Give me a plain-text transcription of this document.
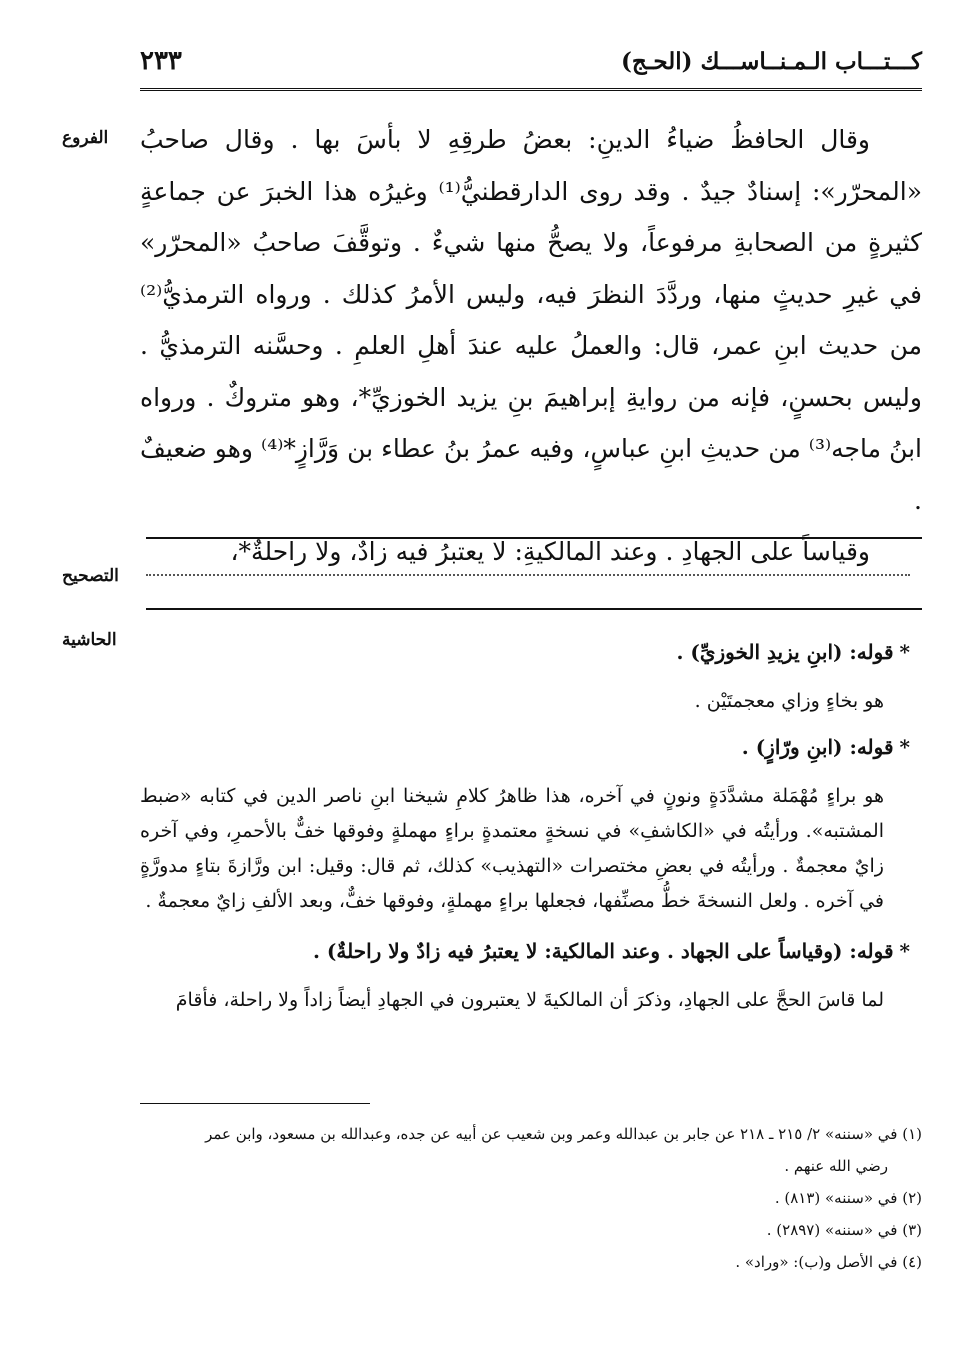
كـــتـــاب الـمـنــاســـك (الحـج)
٢٣٣
الفروع	وقال الحافظُ ضياءُ الدينِ: بعضُ طرقِهِ لا بأسَ بها . وقال صاحبُ «المحرّر»: إسنادٌ جيدٌ . وقد روى الدارقطنيُّ⁽¹⁾ وغيرُه هذا الخبرَ عن جماعةٍ كثيرةٍ من الصحابةِ مرفوعاً، ولا يصحُّ منها شيءٌ . وتوقَّفَ صاحبُ «المحرّر» في غيرِ حديثٍ منها، وردَّدَ النظرَ فيه، وليس الأمرُ كذلك . ورواه الترمذيُّ⁽²⁾ من حديث ابنِ عمر، قال: والعملُ عليه عندَ أهلِ العلمِ . وحسَّنه الترمذيُّ . وليس بحسنٍ، فإنه من روايةِ إبراهيمَ بنِ يزيد الخوزيِّ*، وهو متروكٌ . ورواه ابنُ ماجه⁽³⁾ من حديثِ ابنِ عباسٍ، وفيه عمرُ بنُ عطاء بن وَرَّازٍ*⁽⁴⁾ وهو ضعيفٌ .

وقياساً على الجهادِ . وعند المالكيةِ: لا يعتبرُ فيه زادٌ، ولا راحلةٌ*،

التصحيح
الحاشية	*قوله: (ابنِ يزيدِ الخوزيِّ) .

هو بخاءٍ وزاي معجمتَيْن .

*قوله: (ابنِ ورّازٍ) .

هو براءٍ مُهْمَلة مشدَّدَةٍ ونونٍ في آخره، هذا ظاهرُ كلامِ شيخنا ابنِ ناصر الدين في كتابه «ضبط المشتبه». ورأيتُه في «الكاشفِ» في نسخةٍ معتمدةٍ براءٍ مهملةٍ وفوقها خفٌّ بالأحمرِ، وفي آخره زايٌ معجمةٌ . ورأيتُه في بعضِ مختصرات «التهذيب» كذلك، ثم قال: وقيل: ابن ورَّازةَ بتاءٍ مدورَّةٍ في آخره . ولعل النسخةَ خطُّ مصنِّفها، فجعلها براءٍ مهملةٍ، وفوقها خفٌّ، وبعد الألفِ زايٌ معجمةٌ .

*قوله: (وقياساً على الجهاد . وعند المالكية: لا يعتبرُ فيه زادٌ ولا راحلةٌ) .

لما قاسَ الحجَّ على الجهادِ، وذكرَ أن المالكيةَ لا يعتبرون في الجهادِ أيضاً زاداً ولا راحلة، فأقامَ

(١) في «سننه» ٢/ ٢١٥ ـ ٢١٨ عن جابر بن عبدالله وعمر وبن شعيب عن أبيه عن جده، وعبدالله بن مسعود، وابن عمر

رضي الله عنهم .

(٢) في «سننه» (٨١٣) .

(٣) في «سننه» (٢٨٩٧) .

(٤) في الأصل و(ب): «وراد» .
